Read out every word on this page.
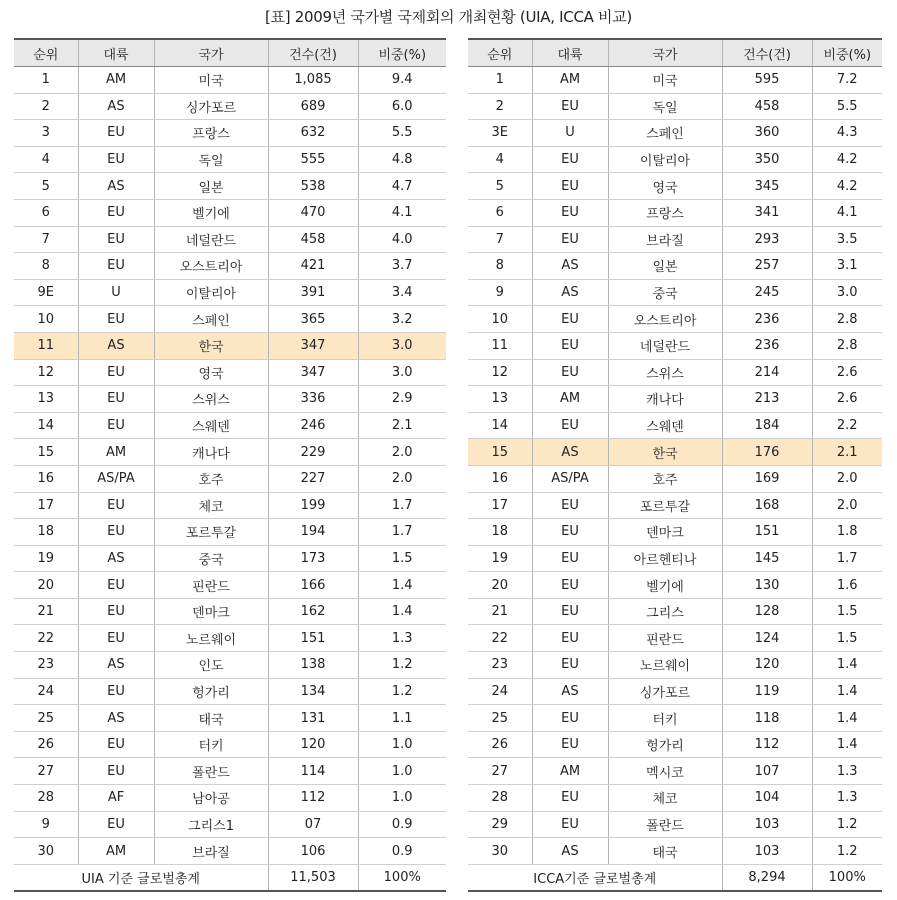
[표] 2009년 국가별 국제회의 개최현황 (UIA, ICCA 비교)
순위	대륙	국가	건수(건)	비중(%)
1	AM	미국	1,085	9.4
2	AS	싱가포르	689	6.0
3	EU	프랑스	632	5.5
4	EU	독일	555	4.8
5	AS	일본	538	4.7
6	EU	벨기에	470	4.1
7	EU	네덜란드	458	4.0
8	EU	오스트리아	421	3.7
9E	U	이탈리아	391	3.4
10	EU	스페인	365	3.2
11	AS	한국	347	3.0
12	EU	영국	347	3.0
13	EU	스위스	336	2.9
14	EU	스웨덴	246	2.1
15	AM	캐나다	229	2.0
16	AS/PA	호주	227	2.0
17	EU	체코	199	1.7
18	EU	포르투갈	194	1.7
19	AS	중국	173	1.5
20	EU	핀란드	166	1.4
21	EU	덴마크	162	1.4
22	EU	노르웨이	151	1.3
23	AS	인도	138	1.2
24	EU	헝가리	134	1.2
25	AS	태국	131	1.1
26	EU	터키	120	1.0
27	EU	폴란드	114	1.0
28	AF	남아공	112	1.0
9	EU	그리스1	07	0.9
30	AM	브라질	106	0.9
UIA 기준 글로벌총계			11,503	100%
순위	대륙	국가	건수(건)	비중(%)
1	AM	미국	595	7.2
2	EU	독일	458	5.5
3E	U	스페인	360	4.3
4	EU	이탈리아	350	4.2
5	EU	영국	345	4.2
6	EU	프랑스	341	4.1
7	EU	브라질	293	3.5
8	AS	일본	257	3.1
9	AS	중국	245	3.0
10	EU	오스트리아	236	2.8
11	EU	네덜란드	236	2.8
12	EU	스위스	214	2.6
13	AM	캐나다	213	2.6
14	EU	스웨덴	184	2.2
15	AS	한국	176	2.1
16	AS/PA	호주	169	2.0
17	EU	포르투갈	168	2.0
18	EU	덴마크	151	1.8
19	EU	아르헨티나	145	1.7
20	EU	벨기에	130	1.6
21	EU	그리스	128	1.5
22	EU	핀란드	124	1.5
23	EU	노르웨이	120	1.4
24	AS	싱가포르	119	1.4
25	EU	터키	118	1.4
26	EU	헝가리	112	1.4
27	AM	멕시코	107	1.3
28	EU	체코	104	1.3
29	EU	폴란드	103	1.2
30	AS	태국	103	1.2
ICCA기준 글로벌총계			8,294	100%
